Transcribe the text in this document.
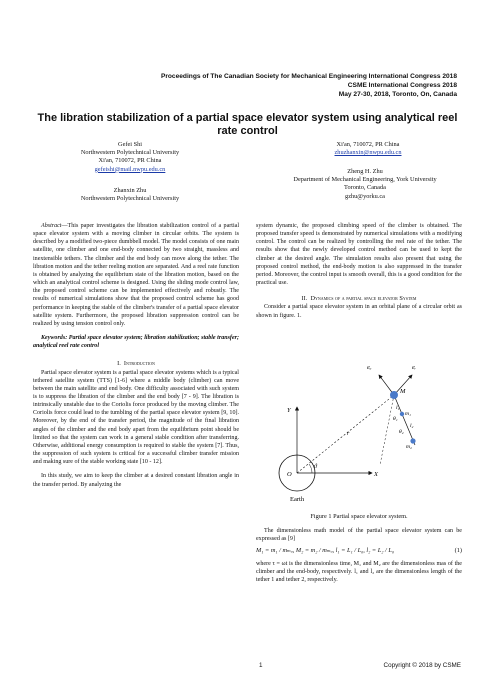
Proceedings of The Canadian Society for Mechanical Engineering International Congress 2018
CSME International Congress 2018
May 27-30, 2018, Toronto, On, Canada
The libration stabilization of a partial space elevator system using analytical reel rate control
Gefei Shi
Northwestern Polytechnical University
Xi'an, 710072, PR China
gefeishi@mail.nwpu.edu.cn
Zhanxin Zhu
Northwestern Polytechnical University
Xi'an, 710072, PR China
zhuzhanxin@nwpu.edu.cn
Zheng H. Zhu
Department of Mechanical Engineering, York University
Toronto, Canada
gzhu@yorku.ca

Abstract—This paper investigates the libration stabilization control of a partial space elevator system with a moving climber in circular orbits. The system is described by a modified two-piece dumbbell model. The model consists of one main satellite, one climber and one end-body connected by two straight, massless and inextensible tethers. The climber and the end body can move along the tether. The libration motion and the tether reeling motion are separated. And a reel rate function is obtained by analyzing the equilibrium state of the libration motion, based on the which an analytical control scheme is designed. Using the sliding mode control law, the proposed control scheme can be implemented effectively and robustly. The results of numerical simulations show that the proposed control scheme has good performance in keeping the stable of the climber's transfer of a partial space elevator satellite system. Furthermore, the proposed libration suppression control can be realized by using tension control only.

Keywords: Partial space elevator system; libration stabilization; stable transfer; analytical reel rate control

I. Introduction

Partial space elevator system is a partial space elevator systems which is a typical tethered satellite system (TTS) [1-6] where a middle body (climber) can move between the main satellite and end body. One difficulty associated with such system is to suppress the libration of the climber and the end body [7 - 9]. The libration is intrinsically unstable due to the Coriolis force produced by the moving climber. The Coriolis force could lead to the tumbling of the partial space elevator system [9, 10]. Moreover, by the end of the transfer period, the magnitude of the final libration angles of the climber and the end body apart from the equilibrium point should be limited so that the system can work in a general stable condition after transferring. Otherwise, additional energy consumption is required to stable the system [7]. Thus, the suppression of such system is critical for a successful climber transfer mission and making sure of the stable working state [10 - 12].

In this study, we aim to keep the climber at a desired constant libration angle in the transfer period. By analyzing the

system dynamic, the proposed climbing speed of the climber is obtained. The proposed transfer speed is demonstrated by numerical simulations with a modifying control. The control can be realized by controlling the reel rate of the tether. The results show that the newly developed control method can be used to kept the climber at the desired angle. The simulation results also present that using the proposed control method, the end-body motion is also suppressed in the transfer period. Moreover, the control input is smooth overall, this is a good condition for the practical use.

II. Dynamics of a partial space elevator System

Consider a partial space elevator system in an orbital plane of a circular orbit as shown in figure. 1.

eₒ	eᵣ
M
l₁
m₁
θ₁
l₂
θ₂
m₂
r
Y
X
O
ϑ
Earth

Figure 1 Partial space elevator system.

The dimensionless math model of the partial space elevator system can be expressed as [9]

M₁ = m₁ / mₘₒ, M₂ = m₂ / mₘₒ, l₁ = L₁ / L₀, l₂ = L₂ / L₀	(1)

where τ = ωt is the dimensionless time, M₁ and M₂ are the dimensionless mas of the climber and the end-body, respectively. l₁ and l₂ are the dimensionless length of the tether 1 and tether 2, respectively.

1	Copyright © 2018 by CSME
